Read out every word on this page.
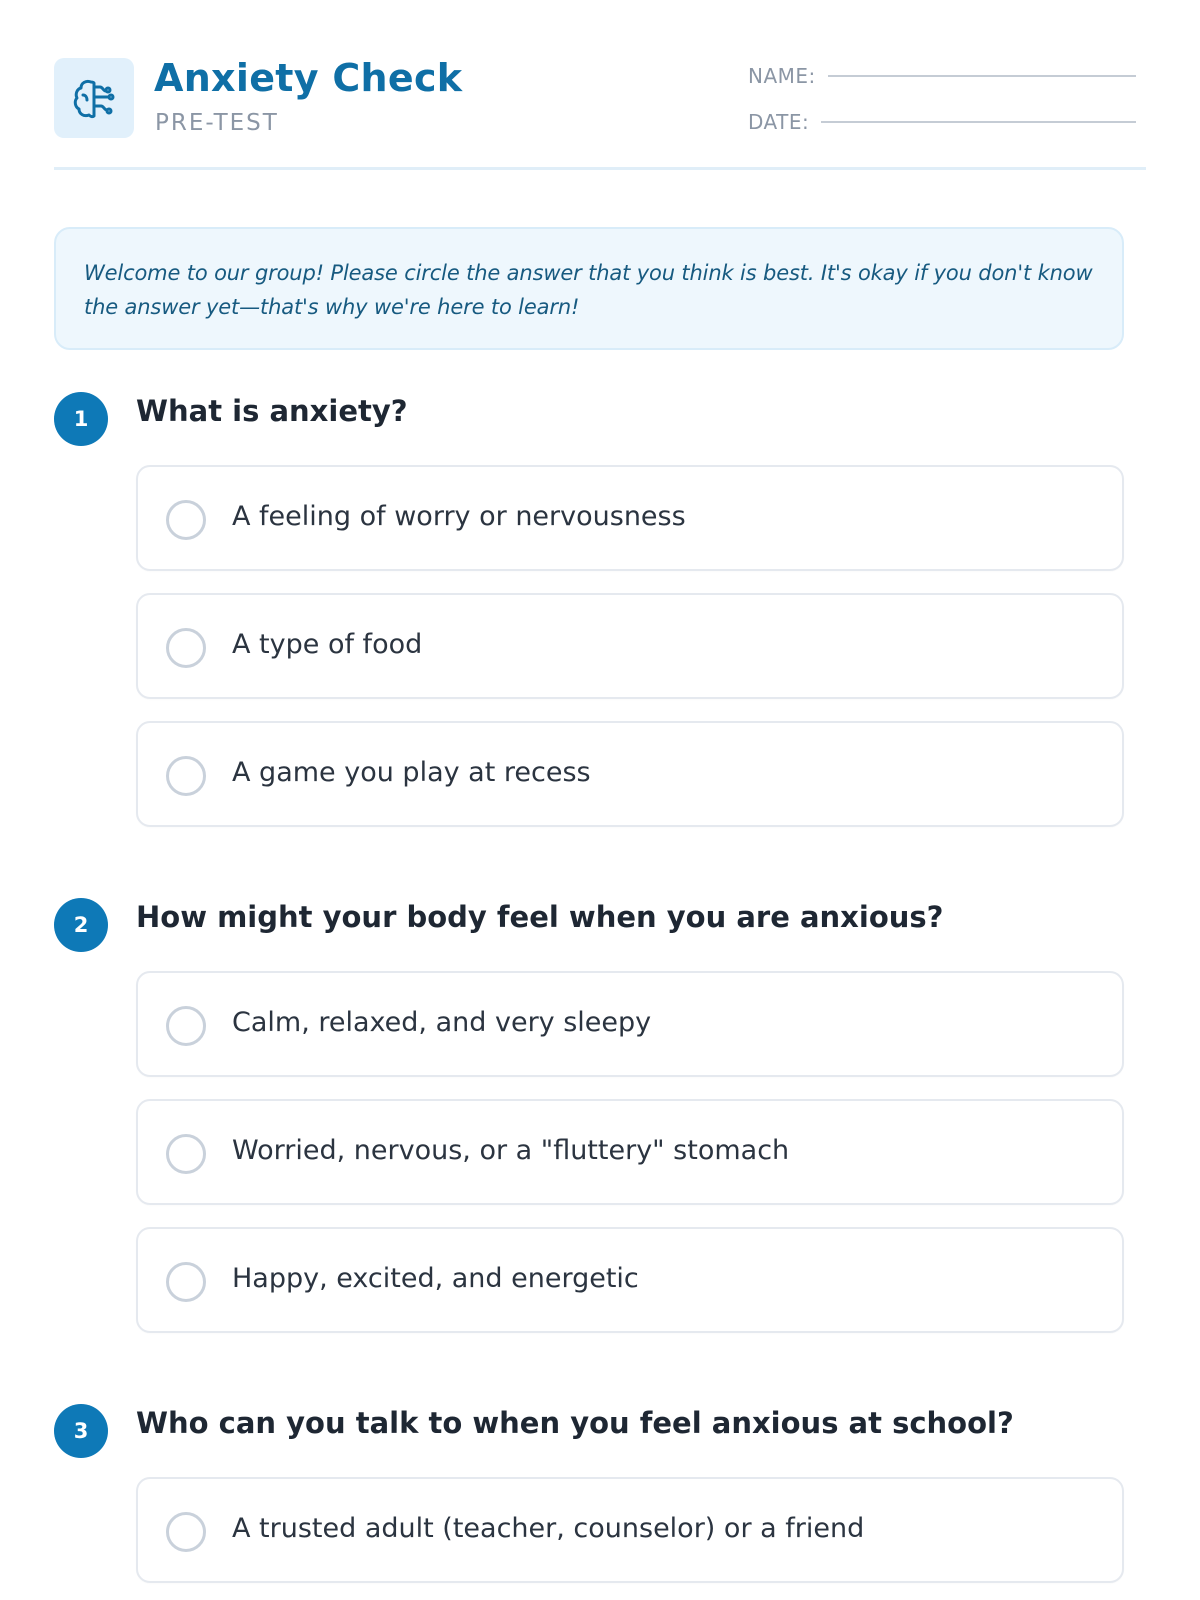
Anxiety Check
PRE-TEST
NAME:
DATE:

Welcome to our group! Please circle the answer that you think is best. It's okay if you don't know the answer yet—that's why we're here to learn!

1	What is anxiety?
A feeling of worry or nervousness
A type of food
A game you play at recess
2	How might your body feel when you are anxious?
Calm, relaxed, and very sleepy
Worried, nervous, or a "fluttery" stomach
Happy, excited, and energetic
3	Who can you talk to when you feel anxious at school?
A trusted adult (teacher, counselor) or a friend
